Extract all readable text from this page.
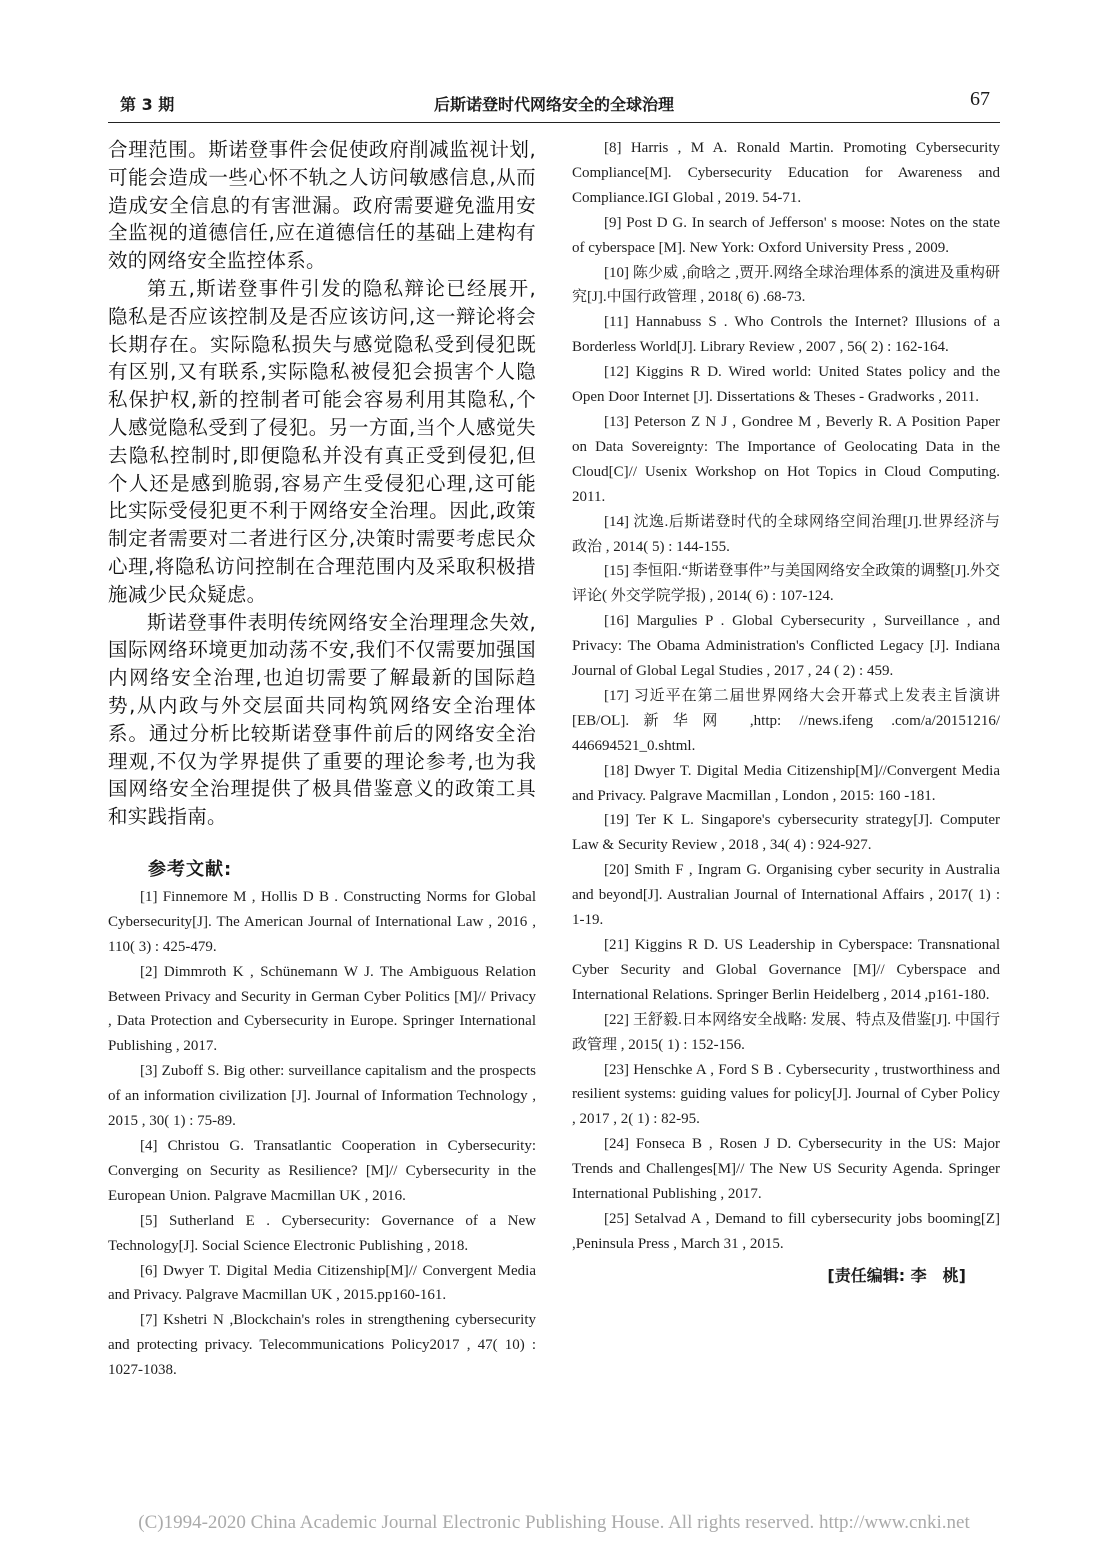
第 3 期	后斯诺登时代网络安全的全球治理	67

合理范围。斯诺登事件会促使政府削减监视计划,可能会造成一些心怀不轨之人访问敏感信息,从而造成安全信息的有害泄漏。政府需要避免滥用安全监视的道德信任,应在道德信任的基础上建构有效的网络安全监控体系。

第五,斯诺登事件引发的隐私辩论已经展开,隐私是否应该控制及是否应该访问,这一辩论将会长期存在。实际隐私损失与感觉隐私受到侵犯既有区别,又有联系,实际隐私被侵犯会损害个人隐私保护权,新的控制者可能会容易利用其隐私,个人感觉隐私受到了侵犯。另一方面,当个人感觉失去隐私控制时,即便隐私并没有真正受到侵犯,但个人还是感到脆弱,容易产生受侵犯心理,这可能比实际受侵犯更不利于网络安全治理。因此,政策制定者需要对二者进行区分,决策时需要考虑民众心理,将隐私访问控制在合理范围内及采取积极措施减少民众疑虑。

斯诺登事件表明传统网络安全治理理念失效,国际网络环境更加动荡不安,我们不仅需要加强国内网络安全治理,也迫切需要了解最新的国际趋势,从内政与外交层面共同构筑网络安全治理体系。通过分析比较斯诺登事件前后的网络安全治理观,不仅为学界提供了重要的理论参考,也为我国网络安全治理提供了极具借鉴意义的政策工具和实践指南。

参考文献:

[1] Finnemore M , Hollis D B . Constructing Norms for Global Cybersecurity[J]. The American Journal of International Law , 2016 , 110( 3) : 425-479.

[2] Dimmroth K , Schünemann W J. The Ambiguous Relation Between Privacy and Security in German Cyber Politics [M]// Privacy , Data Protection and Cybersecurity in Europe. Springer International Publishing , 2017.

[3] Zuboff S. Big other: surveillance capitalism and the prospects of an information civilization [J]. Journal of Information Technology , 2015 , 30( 1) : 75-89.

[4] Christou G. Transatlantic Cooperation in Cybersecurity: Converging on Security as Resilience? [M]// Cybersecurity in the European Union. Palgrave Macmillan UK , 2016.

[5] Sutherland E . Cybersecurity: Governance of a New Technology[J]. Social Science Electronic Publishing , 2018.

[6] Dwyer T. Digital Media Citizenship[M]// Convergent Media and Privacy. Palgrave Macmillan UK , 2015.pp160-161.

[7] Kshetri N ,Blockchain's roles in strengthening cybersecurity and protecting privacy. Telecommunications Policy2017 , 47( 10) : 1027-1038.

[8] Harris , M A. Ronald Martin. Promoting Cybersecurity Compliance[M]. Cybersecurity Education for Awareness and Compliance.IGI Global , 2019. 54-71.

[9] Post D G. In search of Jefferson' s moose: Notes on the state of cyberspace [M]. New York: Oxford University Press , 2009.

[10] 陈少威 ,俞晗之 ,贾开.网络全球治理体系的演进及重构研究[J].中国行政管理 , 2018( 6) .68-73.

[11] Hannabuss S . Who Controls the Internet? Illusions of a Borderless World[J]. Library Review , 2007 , 56( 2) : 162-164.

[12] Kiggins R D. Wired world: United States policy and the Open Door Internet [J]. Dissertations & Theses - Gradworks , 2011.

[13] Peterson Z N J , Gondree M , Beverly R. A Position Paper on Data Sovereignty: The Importance of Geolocating Data in the Cloud[C]// Usenix Workshop on Hot Topics in Cloud Computing. 2011.

[14] 沈逸.后斯诺登时代的全球网络空间治理[J].世界经济与政治 , 2014( 5) : 144-155.

[15] 李恒阳.“斯诺登事件”与美国网络安全政策的调整[J].外交评论( 外交学院学报) , 2014( 6) : 107-124.

[16] Margulies P . Global Cybersecurity , Surveillance , and Privacy: The Obama Administration's Conflicted Legacy [J]. Indiana Journal of Global Legal Studies , 2017 , 24 ( 2) : 459.

[17] 习近平在第二届世界网络大会开幕式上发表主旨演讲[EB/OL].新华网 ,http: //news.ifeng .com/a/20151216/ 446694521_0.shtml.

[18] Dwyer T. Digital Media Citizenship[M]//Convergent Media and Privacy. Palgrave Macmillan , London , 2015: 160 -181.

[19] Ter K L. Singapore's cybersecurity strategy[J]. Computer Law & Security Review , 2018 , 34( 4) : 924-927.

[20] Smith F , Ingram G. Organising cyber security in Australia and beyond[J]. Australian Journal of International Affairs , 2017( 1) : 1-19.

[21] Kiggins R D. US Leadership in Cyberspace: Transnational Cyber Security and Global Governance [M]// Cyberspace and International Relations. Springer Berlin Heidelberg , 2014 ,p161-180.

[22] 王舒毅.日本网络安全战略: 发展、特点及借鉴[J]. 中国行政管理 , 2015( 1) : 152-156.

[23] Henschke A , Ford S B . Cybersecurity , trustworthiness and resilient systems: guiding values for policy[J]. Journal of Cyber Policy , 2017 , 2( 1) : 82-95.

[24] Fonseca B , Rosen J D. Cybersecurity in the US: Major Trends and Challenges[M]// The New US Security Agenda. Springer International Publishing , 2017.

[25] Setalvad A , Demand to fill cybersecurity jobs booming[Z] ,Peninsula Press , March 31 , 2015.

[责任编辑: 李　桃]
(C)1994-2020 China Academic Journal Electronic Publishing House. All rights reserved. http://www.cnki.net
